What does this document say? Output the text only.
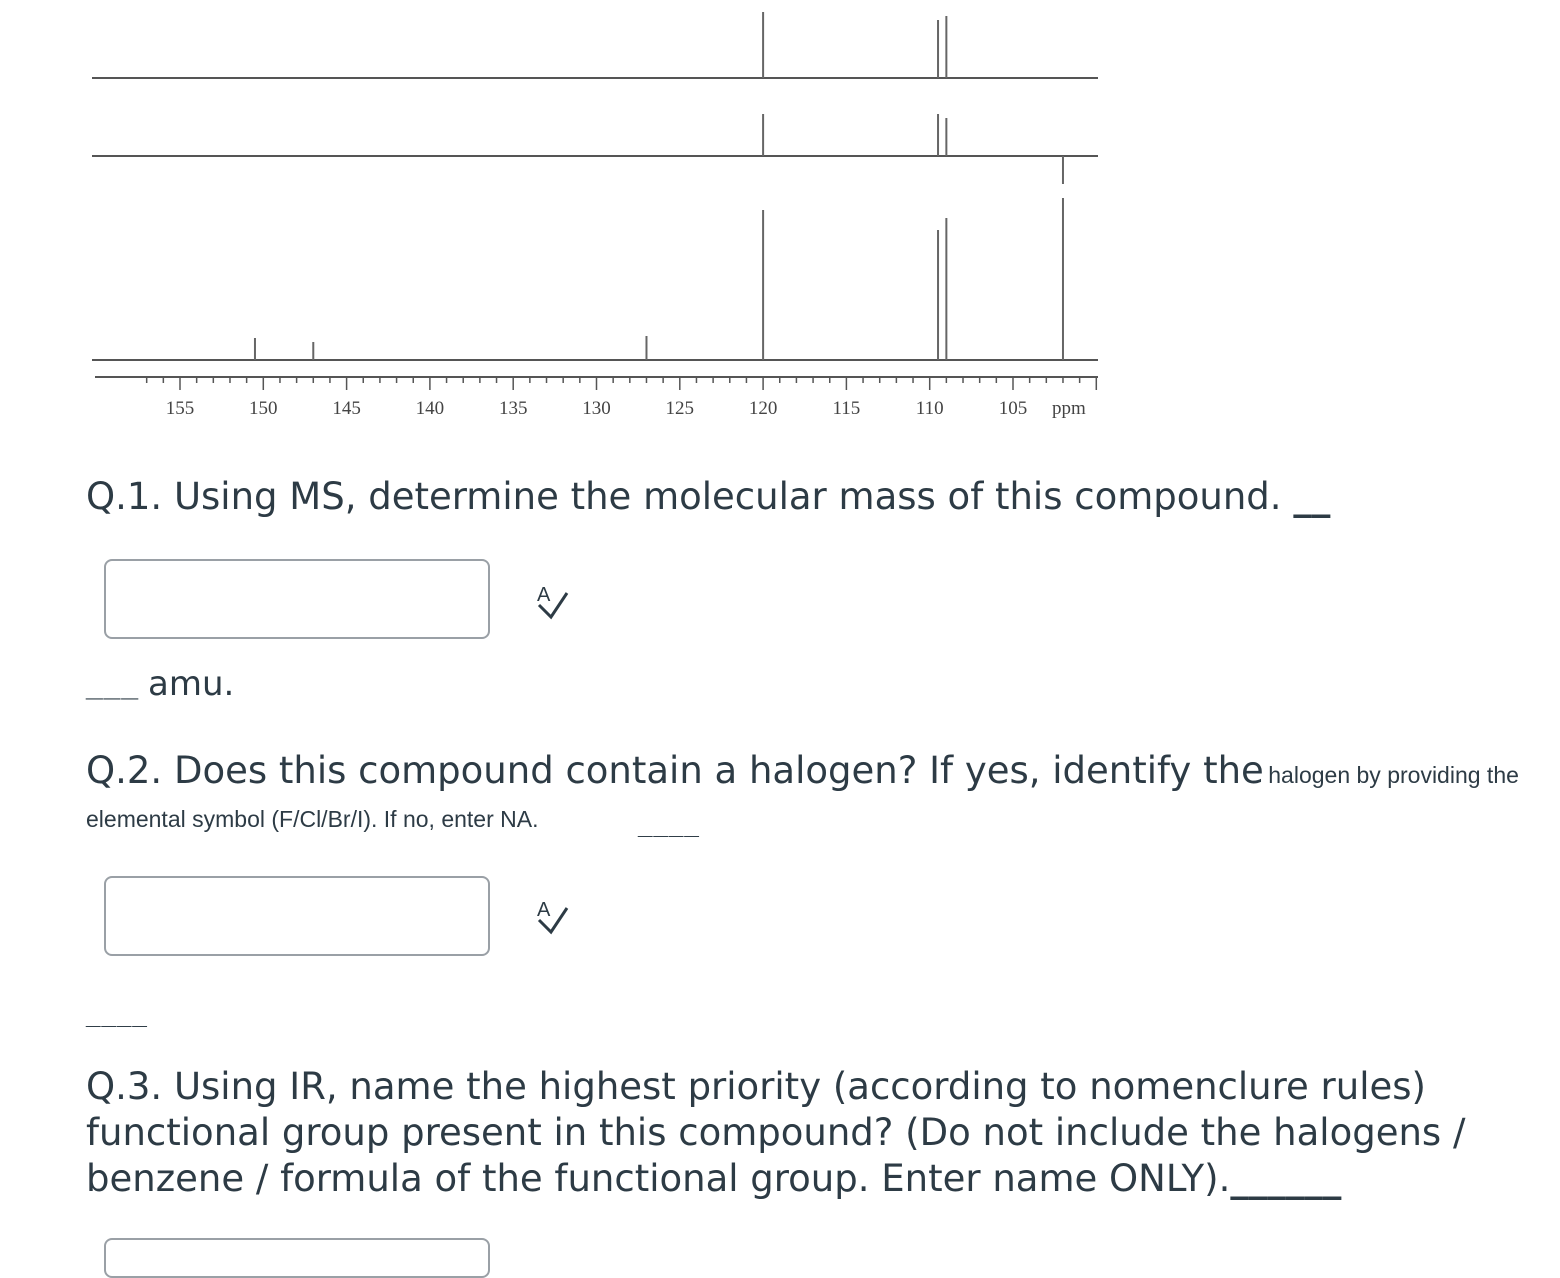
155	150	145	140	135	130	125	120	115	110	105 ppm

Q.1. Using MS, determine the molecular mass of this compound. __

A
___ amu.

Q.2. Does this compound contain a halogen? If yes, identify the halogen by providing the

elemental symbol (F/Cl/Br/I). If no, enter NA.	____
A
____

Q.3. Using IR, name the highest priority (according to nomenclure rules) functional group present in this compound? (Do not include the halogens / benzene / formula of the functional group. Enter name ONLY).______
